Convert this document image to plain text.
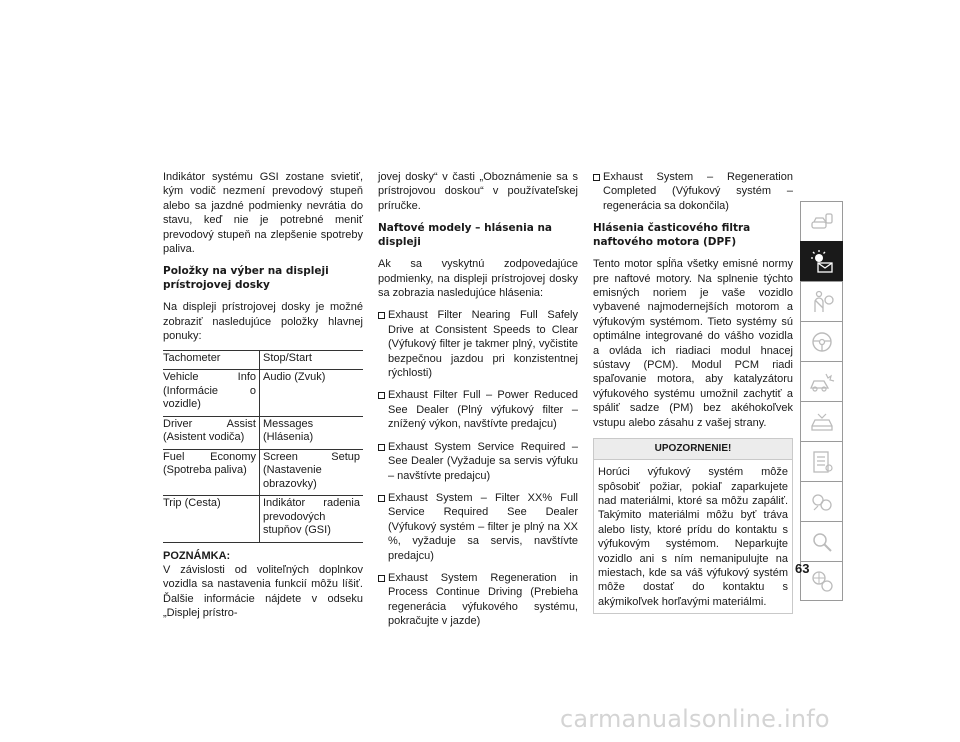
Indikátor systému GSI zostane svietiť, kým vodič nezmení prevodový stupeň alebo sa jazdné podmienky nevrátia do stavu, keď nie je potrebné meniť prevodový stupeň na zlepšenie spotreby paliva.

Položky na výber na displeji prístrojovej dosky

Na displeji prístrojovej dosky je možné zobraziť nasledujúce položky hlavnej ponuky:

Tachometer	Stop/Start
Vehicle Info (Informácie o vozidle)	Audio (Zvuk)
Driver Assist (Asistent vodiča)	Messages (Hlásenia)
Fuel Economy (Spotreba paliva)	Screen Setup (Nastavenie obrazovky)
Trip (Cesta)	Indikátor radenia prevodových stupňov (GSI)
POZNÁMKA:

V závislosti od voliteľných doplnkov vozidla sa nastavenia funkcií môžu líšiť. Ďalšie informácie nájdete v odseku „Displej prístro-

jovej dosky“ v časti „Oboznámenie sa s prístrojovou doskou“ v používateľskej príručke.

Naftové modely – hlásenia na displeji

Ak sa vyskytnú zodpovedajúce podmienky, na displeji prístrojovej dosky sa zobrazia nasledujúce hlásenia:

Exhaust Filter Nearing Full Safely Drive at Consistent Speeds to Clear (Výfukový filter je takmer plný, vyčistite bezpečnou jazdou pri konzistentnej rýchlosti)
Exhaust Filter Full – Power Reduced See Dealer (Plný výfukový filter – znížený výkon, navštívte predajcu)
Exhaust System Service Required – See Dealer (Vyžaduje sa servis výfuku – navštívte predajcu)
Exhaust System – Filter XX% Full Service Required See Dealer (Výfukový systém – filter je plný na XX %, vyžaduje sa servis, navštívte predajcu)
Exhaust System Regeneration in Process Continue Driving (Prebieha regenerácia výfukového systému, pokračujte v jazde)
Exhaust System – Regeneration Completed (Výfukový systém – regenerácia sa dokončila)
Hlásenia časticového filtra naftového motora (DPF)

Tento motor spĺňa všetky emisné normy pre naftové motory. Na splnenie týchto emisných noriem je vaše vozidlo vybavené najmodernejších motorom a výfukovým systémom. Tieto systémy sú optimálne integrované do vášho vozidla a ovláda ich riadiaci modul hnacej sústavy (PCM). Modul PCM riadi spaľovanie motora, aby katalyzátoru výfukového systému umožnil zachytiť a spáliť sadze (PM) bez akéhokoľvek vstupu alebo zásahu z vašej strany.

UPOZORNENIE!
Horúci výfukový systém môže spôsobiť požiar, pokiaľ zaparkujete nad materiálmi, ktoré sa môžu zapáliť. Takýmito materiálmi môžu byť tráva alebo listy, ktoré prídu do kontaktu s výfukovým systémom. Neparkujte vozidlo ani s ním nemanipulujte na miestach, kde sa váš výfukový systém môže dostať do kontaktu s akýmikoľvek horľavými materiálmi.
63
carmanualsonline.info
